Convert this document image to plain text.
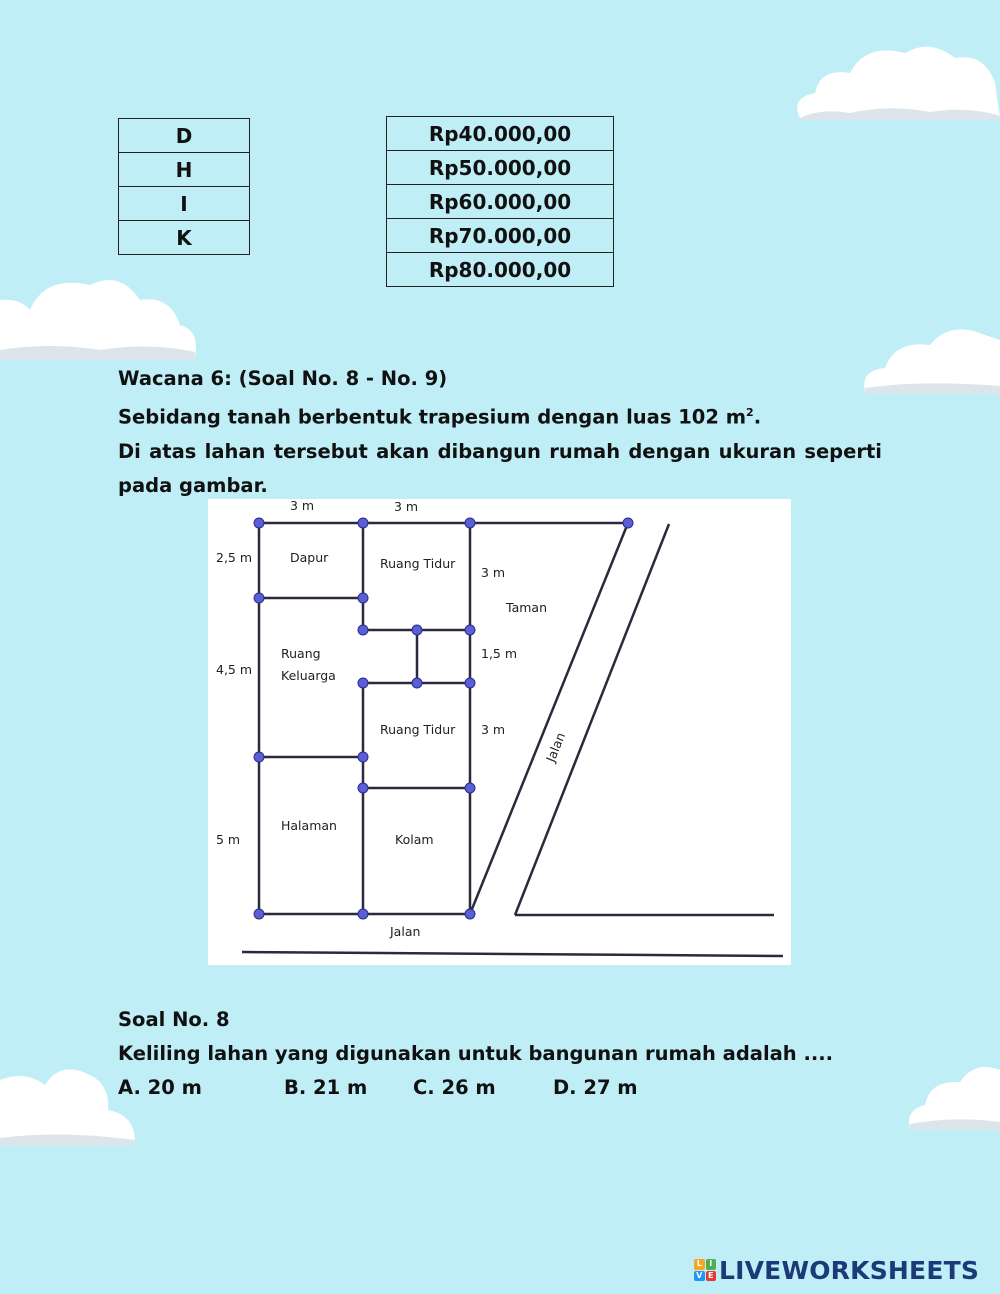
D
H
I
K
Rp40.000,00
Rp50.000,00
Rp60.000,00
Rp70.000,00
Rp80.000,00
Wacana 6: (Soal No. 8 - No. 9)
Sebidang tanah berbentuk trapesium dengan luas 102 $m^2$.
Di atas lahan tersebut akan dibangun rumah dengan ukuran seperti pada gambar.
3 m	3 m
2,5 m	Dapur	Ruang Tidur
3 m
Taman
1,5 m
Ruang
Keluarga
4,5 m
Ruang Tidur 3 m
Halaman
5 m	Kolam
Jalan
Jalan
Soal No. 8
Keliling lahan yang digunakan untuk bangunan rumah adalah ....
A. 20 m	B. 21 m C. 26 m	D. 27 m
L I
V E LIVEWORKSHEETS
